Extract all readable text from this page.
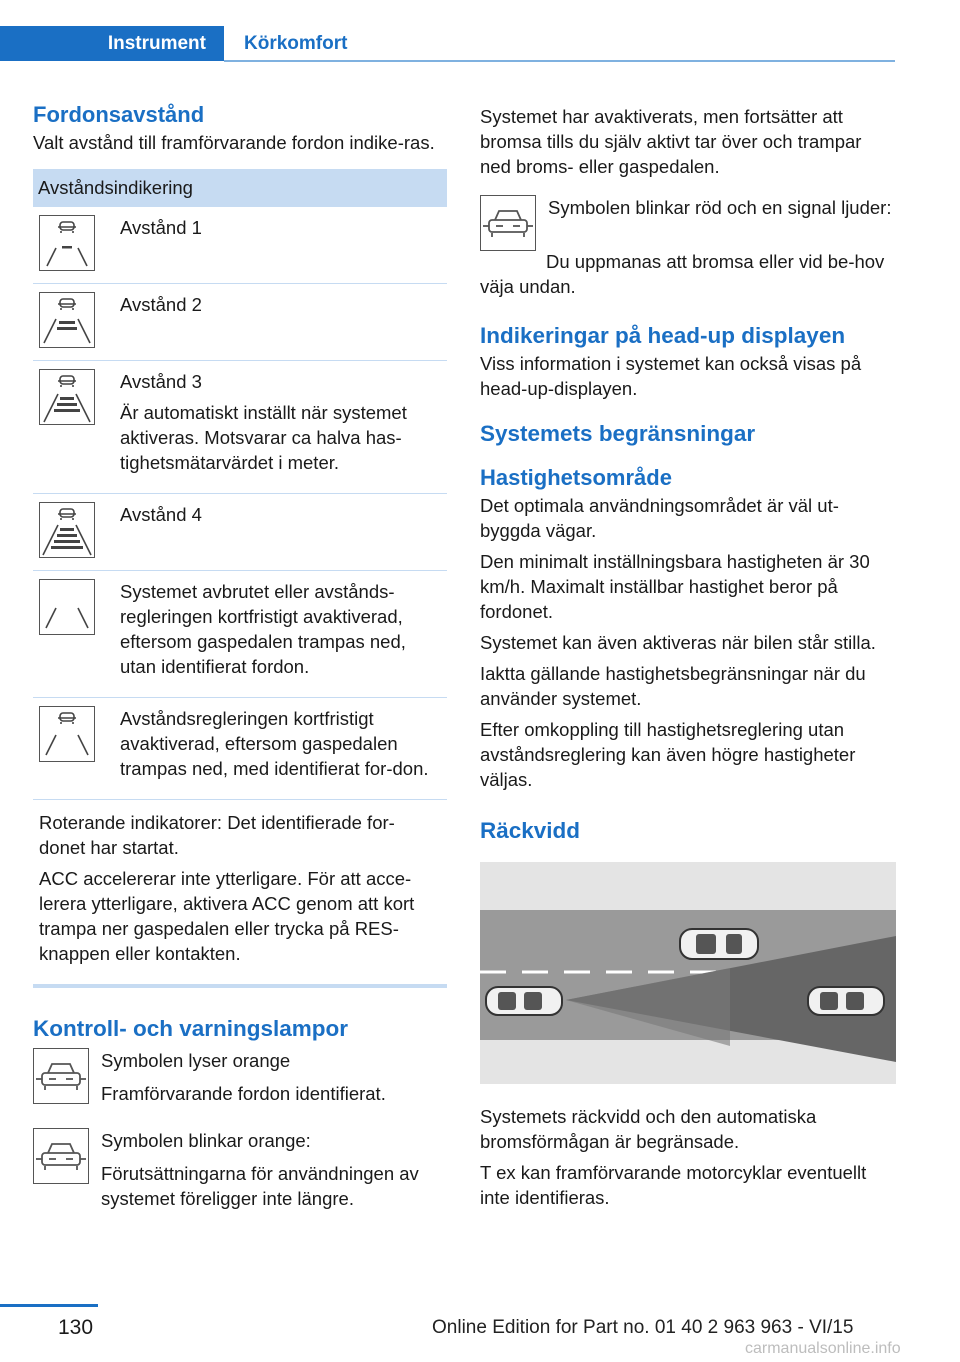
Instrument	Körkomfort
Fordonsavstånd

Valt avstånd till framförvarande fordon indike-ras.

Avståndsindikering

Avstånd 1

Avstånd 2

Avstånd 3

Är automatiskt inställt när systemet aktiveras. Motsvarar ca halva has-tighetsmätarvärdet i meter.

Avstånd 4

Systemet avbrutet eller avstånds-regleringen kortfristigt avaktiverad, eftersom gaspedalen trampas ned, utan identifierat fordon.

Avståndsregleringen kortfristigt avaktiverad, eftersom gaspedalen trampas ned, med identifierat for-don.

Roterande indikatorer: Det identifierade for-donet har startat.

ACC accelererar inte ytterligare. För att acce-lerera ytterligare, aktivera ACC genom att kort trampa ner gaspedalen eller trycka på RES-knappen eller kontakten.

Kontroll- och varningslampor

Symbolen lyser orange

Framförvarande fordon identifierat.

Symbolen blinkar orange:

Förutsättningarna för användningen av systemet föreligger inte längre.

Systemet har avaktiverats, men fortsätter att bromsa tills du själv aktivt tar över och trampar ned broms- eller gaspedalen.

Symbolen blinkar röd och en signal ljuder:

Du uppmanas att bromsa eller vid be-hov väja undan.

Indikeringar på head-up displayen

Viss information i systemet kan också visas på head-up-displayen.

Systemets begränsningar
Hastighetsområde

Det optimala användningsområdet är väl ut-byggda vägar.

Den minimalt inställningsbara hastigheten är 30 km/h. Maximalt inställbar hastighet beror på fordonet.

Systemet kan även aktiveras när bilen står stilla.

Iaktta gällande hastighetsbegränsningar när du använder systemet.

Efter omkoppling till hastighetsreglering utan avståndsreglering kan även högre hastigheter väljas.

Räckvidd

Systemets räckvidd och den automatiska bromsförmågan är begränsade.

T ex kan framförvarande motorcyklar eventuellt inte identifieras.

130	Online Edition for Part no. 01 40 2 963 963 - VI/15
carmanualsonline.info
